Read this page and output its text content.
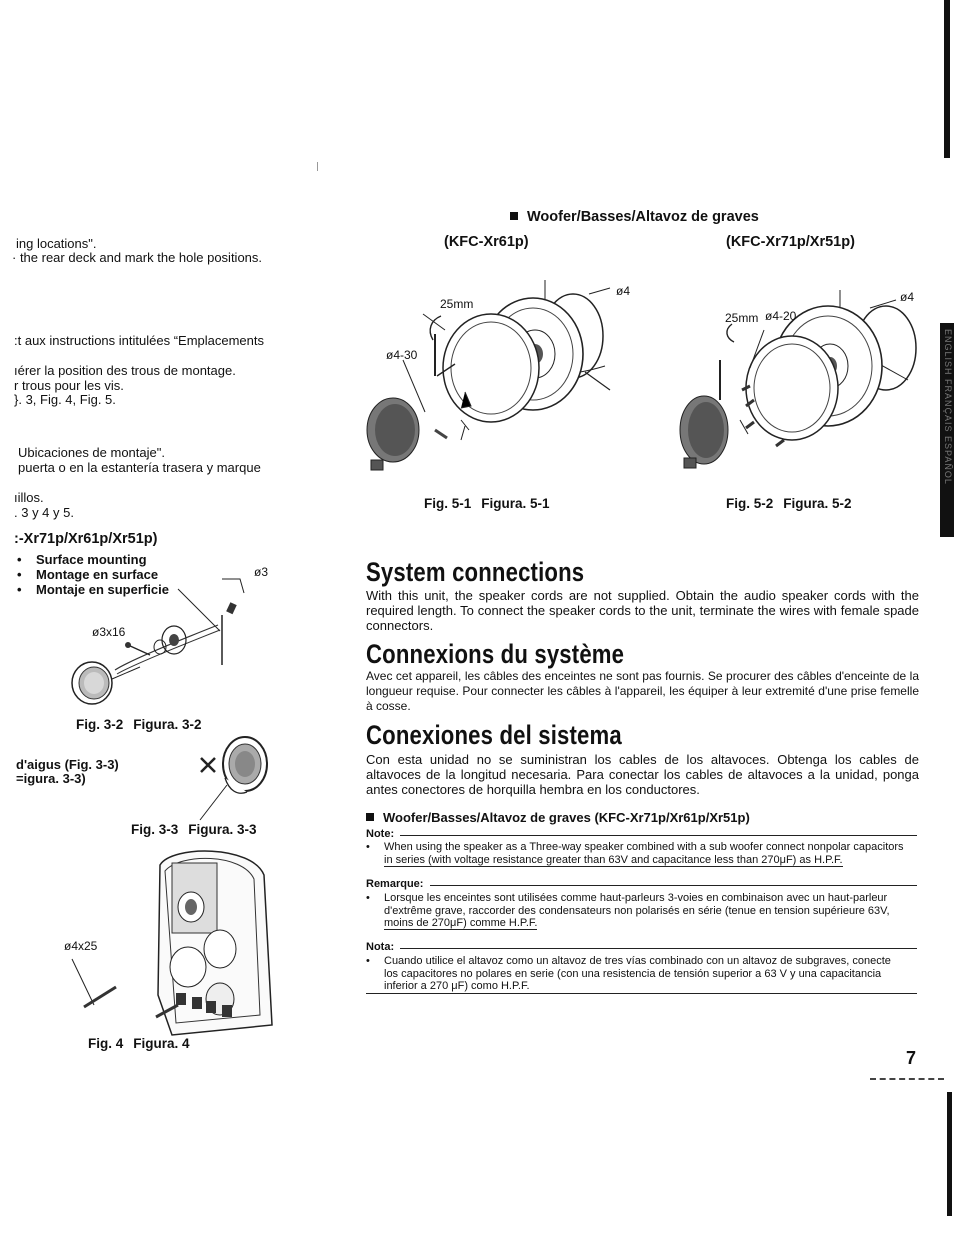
ENGLISH FRANÇAIS ESPAÑOL
ing locations".
· the rear deck and mark the hole positions.
:t aux instructions intitulées “Emplacements
ıérer la position des trous de montage.
r trous pour les vis.
}. 3, Fig. 4, Fig. 5.
Ubicaciones de montaje".
puerta o en la estantería trasera y marque
ıillos.
. 3 y 4 y 5.
:-Xr71p/Xr61p/Xr51p)
• Surface mounting
• Montage en surface
• Montaje en superficie
ø3
ø3x16
Fig. 3-2 Figura. 3-2
d'aigus (Fig. 3-3)
=igura. 3-3)
Fig. 3-3 Figura. 3-3
ø4x25
Fig. 4 Figura. 4
Woofer/Basses/Altavoz de graves
(KFC-Xr61p)	(KFC-Xr71p/Xr51p)
25mm
ø4
ø4-30
Fig. 5-1 Figura. 5-1
25mm ø4-20
ø4
Fig. 5-2 Figura. 5-2
System connections
With this unit, the speaker cords are not supplied. Obtain the audio speaker cords with the required length. To connect the speaker cords to the unit, terminate the wires with female spade connectors.
Connexions du système
Avec cet appareil, les câbles des enceintes ne sont pas fournis. Se procurer des câbles d'enceinte de la longueur requise. Pour connecter les câbles à l'appareil, les équiper à leur extremité d'une prise femelle à cosse.
Conexiones del sistema
Con esta unidad no se suministran los cables de los altavoces. Obtenga los cables de altavoces de la longitud necesaria. Para conectar los cables de altavoces a la unidad, ponga antes conectores de horquilla hembra en los conductores.
Woofer/Basses/Altavoz de graves (KFC-Xr71p/Xr61p/Xr51p)
Note:
• When using the speaker as a Three-way speaker combined with a sub woofer connect nonpolar capacitors
in series (with voltage resistance greater than 63V and capacitance less than 270μF) as H.P.F.
Remarque:
• Lorsque les enceintes sont utilisées comme haut-parleurs 3-voies en combinaison avec un haut-parleur
d'extrême grave, raccorder des condensateurs non polarisés en série (tenue en tension supérieure 63V,
moins de 270μF) comme H.P.F.
Nota:
• Cuando utilice el altavoz como un altavoz de tres vías combinado con un altavoz de subgraves, conecte
los capacitores no polares en serie (con una resistencia de tensión superior a 63 V y una capacitancia
inferior a 270 μF) como H.P.F.
7
